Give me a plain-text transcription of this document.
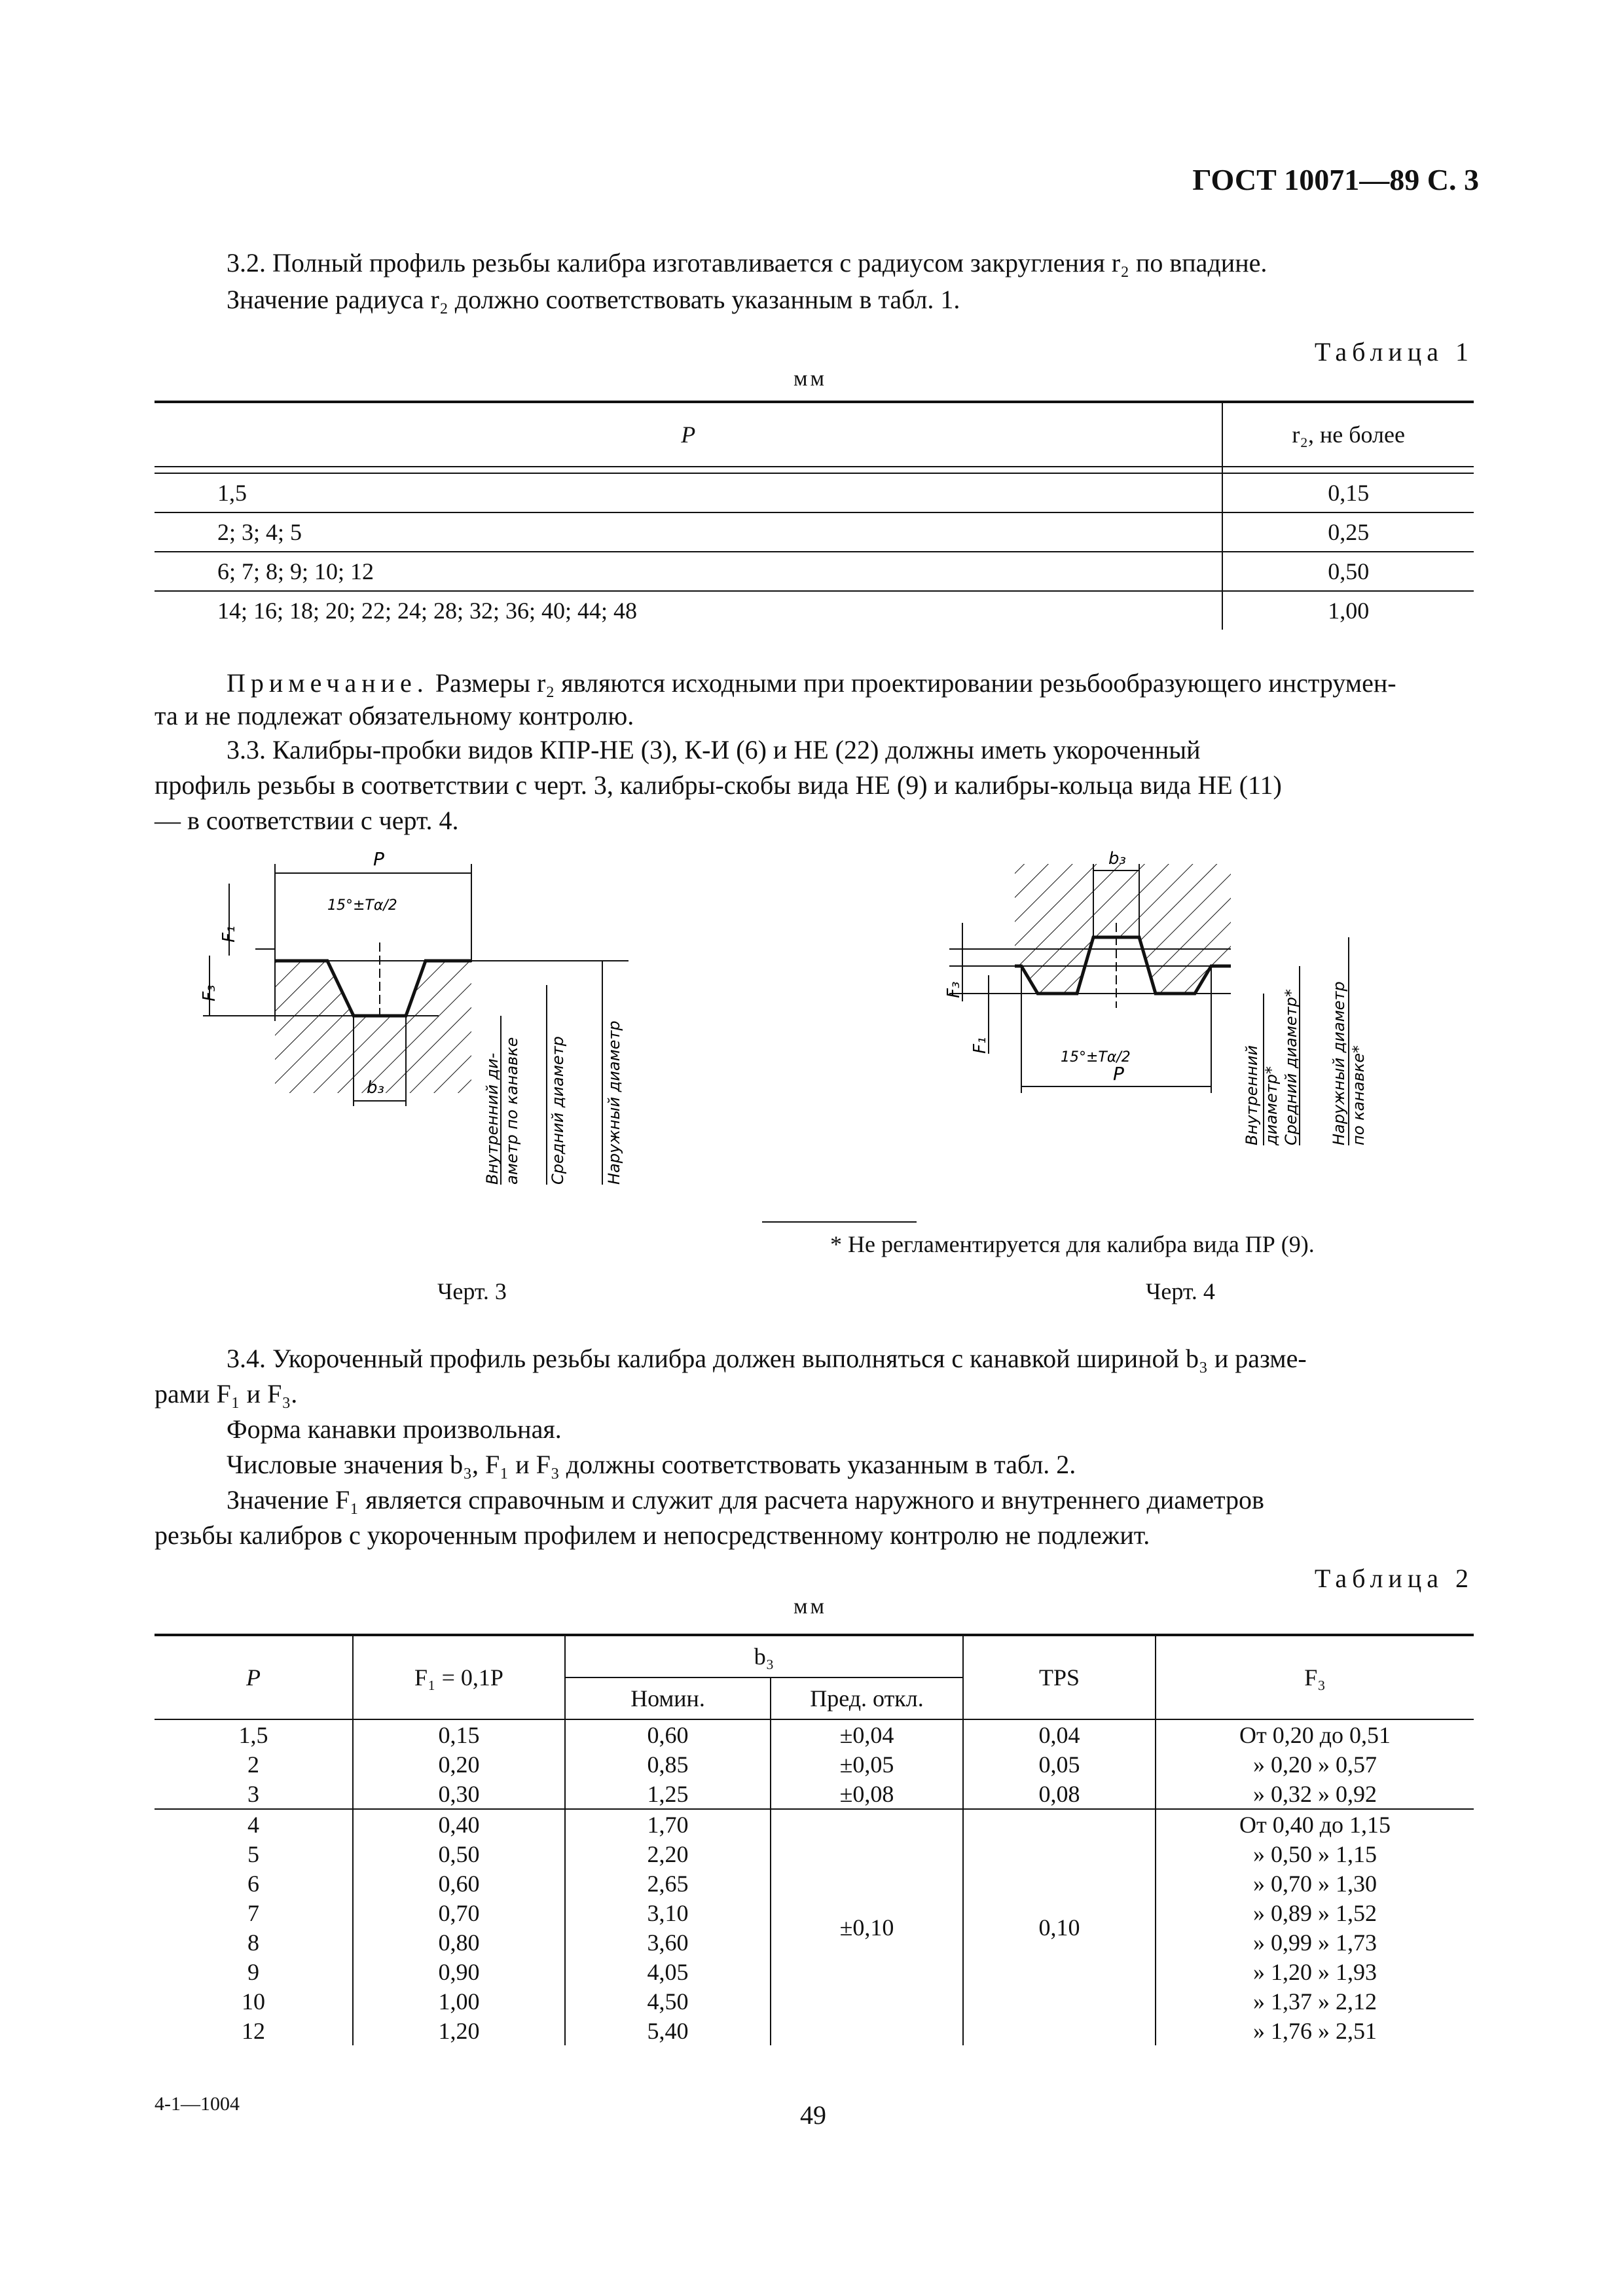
ГОСТ 10071—89 С. 3
3.2. Полный профиль резьбы калибра изготавливается с радиусом закругления r₂ по впадине.
Значение радиуса r₂ должно соответствовать указанным в табл. 1.
Таблица 1
мм
P	r₂, не более

1,5	0,15
2; 3; 4; 5	0,25
6; 7; 8; 9; 10; 12	0,50
14; 16; 18; 20; 22; 24; 28; 32; 36; 40; 44; 48	1,00
Примечание. Размеры r₂ являются исходными при проектировании резьбообразующего инструмен-
та и не подлежат обязательному контролю.
3.3. Калибры-пробки видов КПР-НЕ (3), К-И (6) и НЕ (22) должны иметь укороченный
профиль резьбы в соответствии с черт. 3, калибры-скобы вида НЕ (9) и калибры-кольца вида НЕ (11)
— в соответствии с черт. 4.
P
15°±Tα/2
b₃
F₁
F₃
Внутренний ди- аметр по канавке Средний диаметр Наружный диаметр
b₃
15°±Tα/2
P
F₃
F₁	Внутренний диаметр* Средний диаметр* Наружный диаметр по канавке*
* Не регламентируется для калибра вида ПР (9).
Черт. 3	Черт. 4
3.4. Укороченный профиль резьбы калибра должен выполняться с канавкой шириной b₃ и разме-
рами F₁ и F₃.
Форма канавки произвольная.
Числовые значения b₃, F₁ и F₃ должны соответствовать указанным в табл. 2.
Значение F₁ является справочным и служит для расчета наружного и внутреннего диаметров
резьбы калибров с укороченным профилем и непосредственному контролю не подлежит.
Таблица 2
мм
P	F₁ = 0,1P	b₃		TPS	F₃
		Номин.	Пред. откл.		
1,5	0,15	0,60	±0,04	0,04	От 0,20 до 0,51
2	0,20	0,85	±0,05	0,05	» 0,20 » 0,57
3	0,30	1,25	±0,08	0,08	» 0,32 » 0,92
4	0,40	1,70	±0,10	0,10	От 0,40 до 1,15
5	0,50	2,20			» 0,50 » 1,15
6	0,60	2,65			» 0,70 » 1,30
7	0,70	3,10			» 0,89 » 1,52
8	0,80	3,60			» 0,99 » 1,73
9	0,90	4,05			» 1,20 » 1,93
10	1,00	4,50			» 1,37 » 2,12
12	1,20	5,40			» 1,76 » 2,51
4-1—1004	49
